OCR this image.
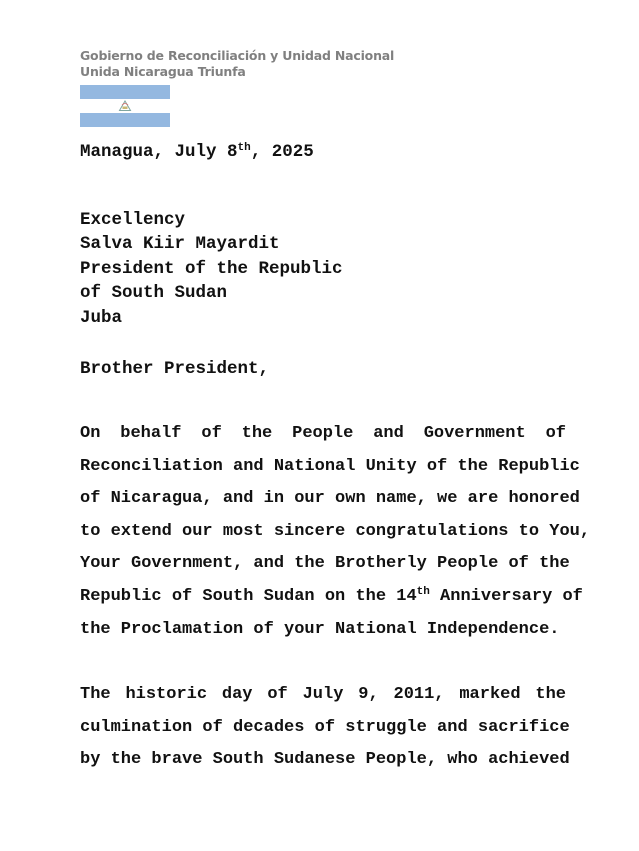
Gobierno de Reconciliación y Unidad Nacional
Unida Nicaragua Triunfa
Managua, July 8th, 2025
Excellency
Salva Kiir Mayardit
President of the Republic
of South Sudan
Juba
Brother President,
On behalf of the People and Government of
Reconciliation and National Unity of the Republic
of Nicaragua, and in our own name, we are honored
to extend our most sincere congratulations to You,
Your Government, and the Brotherly People of the
Republic of South Sudan on the 14th Anniversary of
the Proclamation of your National Independence.
The historic day of July 9, 2011, marked the
culmination of decades of struggle and sacrifice
by the brave South Sudanese People, who achieved
